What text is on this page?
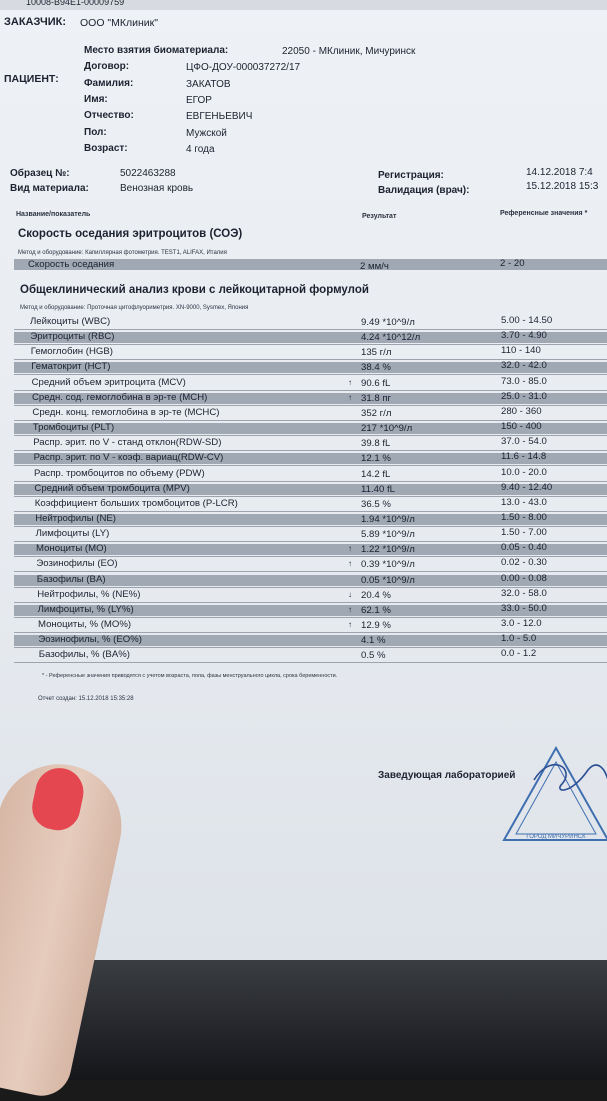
10008-B94E1-00009759
ЗАКАЗЧИК: ООО "МКлиник"
ПАЦИЕНТ:
Место взятия биоматериала:	22050 - МКлиник, Мичуринск
Договор:	ЦФО-ДОУ-000037272/17
Фамилия:	ЗАКАТОВ
Имя:	ЕГОР
Отчество:	ЕВГЕНЬЕВИЧ
Пол:	Мужской
Возраст:	4 года
Образец №:	5022463288
Вид материала:	Венозная кровь
Регистрация:	14.12.2018 7:4
Валидация (врач):	15.12.2018 15:3
Название/показатель	Результат	Референсные значения *
Скорость оседания эритроцитов (СОЭ)
Метод и оборудование: Капиллярная фотометрия. TEST1, ALIFAX, Италия
Скорость оседания	2 мм/ч	2 - 20
Общеклинический анализ крови с лейкоцитарной формулой
Метод и оборудование: Проточная цитофлуориметрия. XN-9000, Sysmex, Япония
Лейкоциты (WBC)	9.49 *10^9/л	5.00 - 14.50
Эритроциты (RBC)	4.24 *10^12/л	3.70 - 4.90
Гемоглобин (HGB)	135 г/л	110 - 140
Гематокрит (HCT)	38.4 %	32.0 - 42.0
Средний объем эритроцита (MCV)	↑ 90.6 fL	73.0 - 85.0
Средн. сод. гемоглобина в эр-те (MCH)	↑ 31.8 пг	25.0 - 31.0
Средн. конц. гемоглобина в эр-те (MCHC)	352 г/л	280 - 360
Тромбоциты (PLT)	217 *10^9/л	150 - 400
Распр. эрит. по V - станд отклон(RDW-SD)	39.8 fL	37.0 - 54.0
Распр. эрит. по V - коэф. вариац(RDW-CV)	12.1 %	11.6 - 14.8
Распр. тромбоцитов по объему (PDW)	14.2 fL	10.0 - 20.0
Средний объем тромбоцита (MPV)	11.40 fL	9.40 - 12.40
Коэффициент больших тромбоцитов (P-LCR)	36.5 %	13.0 - 43.0
Нейтрофилы (NE)	1.94 *10^9/л	1.50 - 8.00
Лимфоциты (LY)	5.89 *10^9/л	1.50 - 7.00
Моноциты (MO)	↑ 1.22 *10^9/л	0.05 - 0.40
Эозинофилы (EO)	↑ 0.39 *10^9/л	0.02 - 0.30
Базофилы (BA)	0.05 *10^9/л	0.00 - 0.08
Нейтрофилы, % (NE%)	↓ 20.4 %	32.0 - 58.0
Лимфоциты, % (LY%)	↑ 62.1 %	33.0 - 50.0
Моноциты, % (MO%)	↑ 12.9 %	3.0 - 12.0
Эозинофилы, % (EO%)	4.1 %	1.0 - 5.0
Базофилы, % (BA%)	0.5 %	0.0 - 1.2
* - Референсные значения приводятся с учетом возраста, пола, фазы менструального цикла, срока беременности.
Отчет создан: 15.12.2018 15:35:28
Заведующая лабораторией
ГОРОД МИЧУРИНСК
